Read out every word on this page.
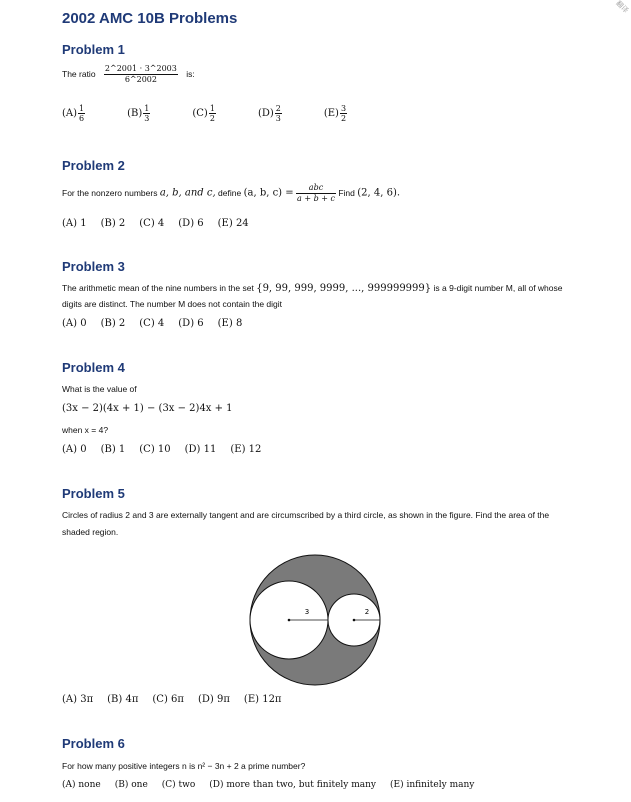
翻译
2002 AMC 10B Problems
Problem 1
The ratio $\frac{2\^{}2001 \cdot 3\^{}2003}{6\^{}2002}$ is:
$(A) \frac{1}{6}$	$(B) \frac{1}{3}$	$(C) \frac{1}{2}$	$(D) \frac{2}{3}$	$(E) \frac{3}{2}$
Problem 2
For the nonzero numbers a, b, and c, define (a, b, $c) = \frac{\text{abc}}{a + b + c}$ Find (2, 4, 6).
(A) 1 (B) 2 (C) 4 (D) 6 (E) 24
Problem 3
The arithmetic mean of the nine numbers in the set {9, 99, 999, 9999, ..., 999999999} is a 9-digit number M, all of whose
digits are distinct. The number M does not contain the digit
(A) 0 (B) 2 (C) 4 (D) 6 (E) 8
Problem 4
What is the value of
(3x − 2)(4x + 1) − (3x − 2)4x + 1
when x = 4?
(A) 0 (B) 1 (C) 10 (D) 11 (E) 12
Problem 5
Circles of radius 2 and 3 are externally tangent and are circumscribed by a third circle, as shown in the figure. Find the area of the
shaded region.
3	2
(A) 3π (B) 4π (C) 6π (D) 9π (E) 12π
Problem 6
For how many positive integers n is n² − 3n + 2 a prime number?
(A) none (B) one (C) two (D) more than two, but finitely many (E) infinitely many
